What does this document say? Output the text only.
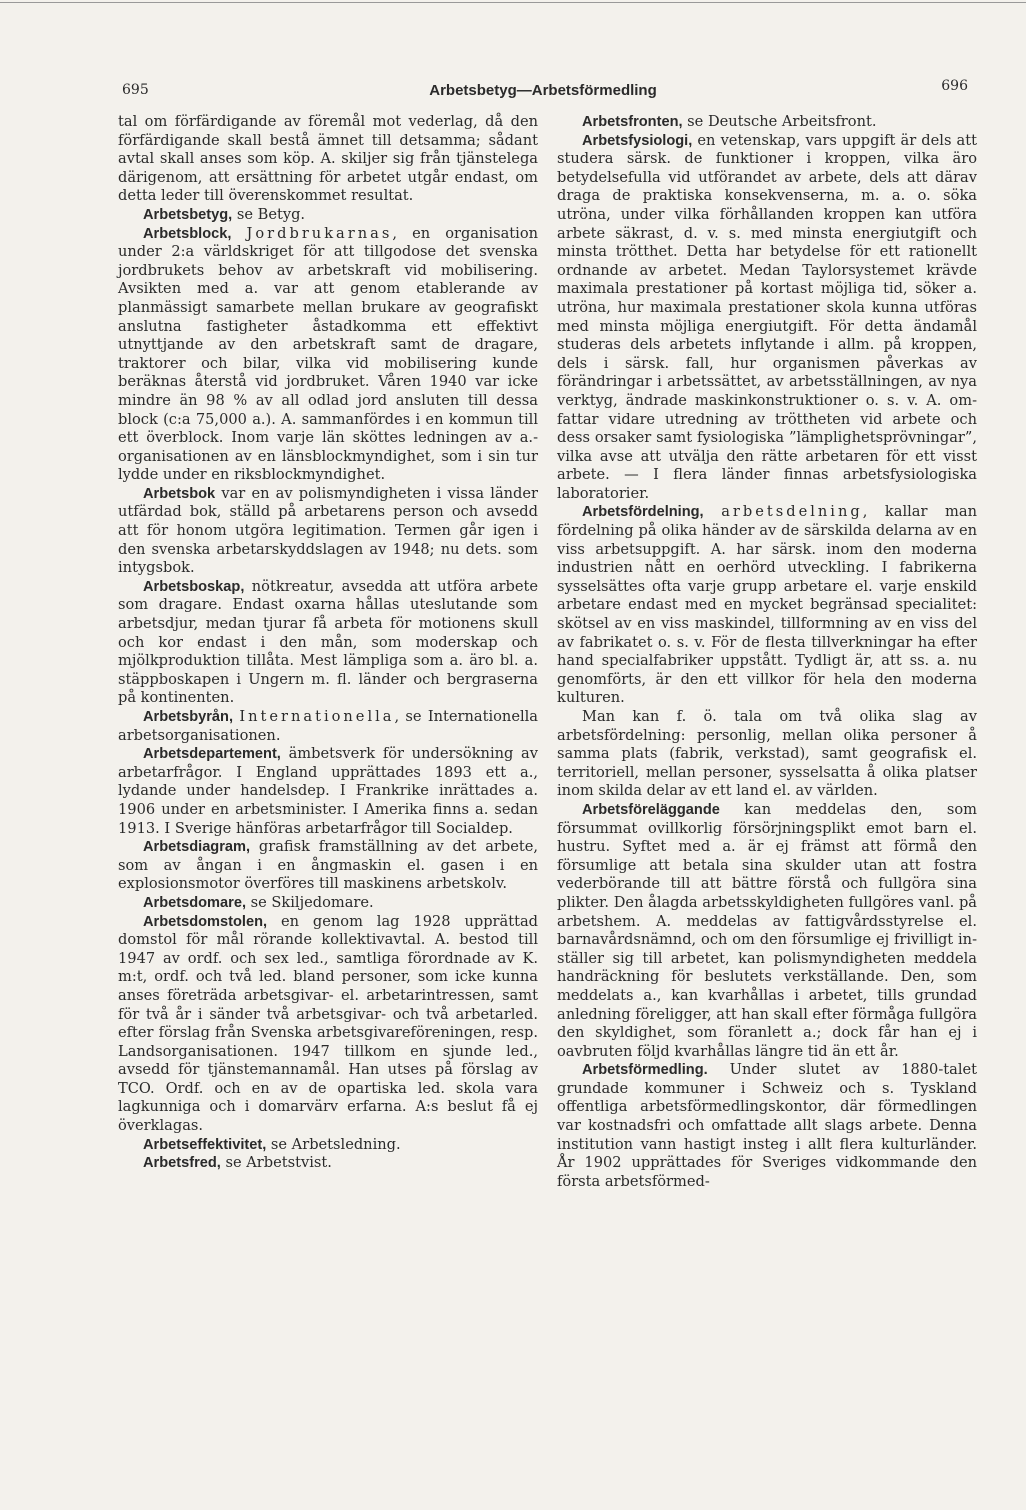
695	Arbetsbetyg—Arbetsförmedling	696

tal om förfärdigande av föremål mot vederlag, då den förfärdigande skall bestå ämnet till detsamma; sådant avtal skall anses som köp. A. skiljer sig från tjänstelega därigenom, att ersättning för arbetet utgår endast, om detta leder till överenskommet resultat.

Arbetsbetyg, se Betyg.

Arbetsblock, Jordbrukarnas, en organisation under 2:a världskriget för att tillgodose det svenska jordbrukets behov av arbetskraft vid mobilisering. Avsikten med a. var att genom etablerande av planmässigt samarbete mellan brukare av geografiskt anslutna fastigheter åstadkomma ett effektivt utnyttjande av den arbetskraft samt de dragare, traktorer och bilar, vilka vid mobilisering kunde beräknas återstå vid jordbruket. Våren 1940 var icke mindre än 98 % av all odlad jord ansluten till dessa block (c:a 75,000 a.). A. sammanfördes i en kommun till ett överblock. Inom varje län sköttes ledningen av a.-organisationen av en länsblockmyndighet, som i sin tur lydde under en riksblockmyndighet.

Arbetsbok var en av polismyndigheten i vissa länder utfärdad bok, ställd på arbetarens person och avsedd att för honom utgöra legitimation. Termen går igen i den svenska arbetarskyddslagen av 1948; nu dets. som intygsbok.

Arbetsboskap, nötkreatur, avsedda att utföra arbete som dragare. Endast oxarna hållas uteslutande som arbetsdjur, medan tjurar få arbeta för motionens skull och kor endast i den mån, som moderskap och mjölkproduktion tillåta. Mest lämpliga som a. äro bl. a. stäppboskapen i Ungern m. fl. länder och bergraserna på kontinenten.

Arbetsbyrån, Internationella, se Internationella arbetsorganisationen.

Arbetsdepartement, ämbetsverk för undersökning av arbetarfrågor. I England upprättades 1893 ett a., lydande under handelsdep. I Frankrike inrättades a. 1906 under en arbetsminister. I Amerika finns a. sedan 1913. I Sverige hänföras arbetarfrågor till Socialdep.

Arbetsdiagram, grafisk framställning av det arbete, som av ångan i en ångmaskin el. gasen i en explosionsmotor överföres till maskinens arbetskolv.

Arbetsdomare, se Skiljedomare.

Arbetsdomstolen, en genom lag 1928 upprättad domstol för mål rörande kollektivavtal. A. bestod till 1947 av ordf. och sex led., samtliga förordnade av K. m:t, ordf. och två led. bland personer, som icke kunna anses företräda arbetsgivar- el. arbetarintressen, samt för två år i sänder två arbetsgivar- och två arbetarled. efter förslag från Svenska arbetsgivareföreningen, resp. Landsorganisationen. 1947 tillkom en sjunde led., avsedd för tjänstemannamål. Han utses på förslag av TCO. Ordf. och en av de opartiska led. skola vara lagkunniga och i domarvärv erfarna. A:s beslut få ej överklagas.

Arbetseffektivitet, se Arbetsledning.

Arbetsfred, se Arbetstvist.

Arbetsfronten, se Deutsche Arbeitsfront.

Arbetsfysiologi, en vetenskap, vars uppgift är dels att studera särsk. de funktioner i kroppen, vilka äro betydelsefulla vid utförandet av arbete, dels att därav draga de praktiska konsekvenserna, m. a. o. söka utröna, under vilka förhållanden kroppen kan utföra arbete säkrast, d. v. s. med minsta energiutgift och minsta trötthet. Detta har betydelse för ett rationellt ordnande av arbetet. Medan Taylorsystemet krävde maximala prestationer på kortast möjliga tid, söker a. utröna, hur maximala prestationer skola kunna utföras med minsta möjliga energiutgift. För detta ändamål studeras dels arbetets inflytande i allm. på kroppen, dels i särsk. fall, hur organismen påverkas av förändringar i arbetssättet, av arbetsställningen, av nya verktyg, ändrade maskinkonstruktioner o. s. v. A. omfattar vidare utredning av tröttheten vid arbete och dess orsaker samt fysiologiska ”lämplighetsprövningar”, vilka avse att utvälja den rätte arbetaren för ett visst arbete. — I flera länder finnas arbetsfysiologiska laboratorier.

Arbetsfördelning, arbetsdelning, kallar man fördelning på olika händer av de särskilda delarna av en viss arbetsuppgift. A. har särsk. inom den moderna industrien nått en oerhörd utveckling. I fabrikerna sysselsättes ofta varje grupp arbetare el. varje enskild arbetare endast med en mycket begränsad specialitet: skötsel av en viss maskindel, tillformning av en viss del av fabrikatet o. s. v. För de flesta tillverkningar ha efter hand specialfabriker uppstått. Tydligt är, att ss. a. nu genomförts, är den ett villkor för hela den moderna kulturen.

Man kan f. ö. tala om två olika slag av arbetsfördelning: personlig, mellan olika personer å samma plats (fabrik, verkstad), samt geografisk el. territoriell, mellan personer, sysselsatta å olika platser inom skilda delar av ett land el. av världen.

Arbetsföreläggande kan meddelas den, som försummat ovillkorlig försörjningsplikt emot barn el. hustru. Syftet med a. är ej främst att förmå den försumlige att betala sina skulder utan att fostra vederbörande till att bättre förstå och fullgöra sina plikter. Den ålagda arbetsskyldigheten fullgöres vanl. på arbetshem. A. meddelas av fattigvårdsstyrelse el. barnavårdsnämnd, och om den försumlige ej frivilligt inställer sig till arbetet, kan polismyndigheten meddela handräckning för beslutets verkställande. Den, som meddelats a., kan kvarhållas i arbetet, tills grundad anledning föreligger, att han skall efter förmåga fullgöra den skyldighet, som föranlett a.; dock får han ej i oavbruten följd kvarhållas längre tid än ett år.

Arbetsförmedling. Under slutet av 1880-talet grundade kommuner i Schweiz och s. Tyskland offentliga arbetsförmedlingskontor, där förmedlingen var kostnadsfri och omfattade allt slags arbete. Denna institution vann hastigt insteg i allt flera kulturländer. År 1902 upprättades för Sveriges vidkommande den första arbetsförmed-
